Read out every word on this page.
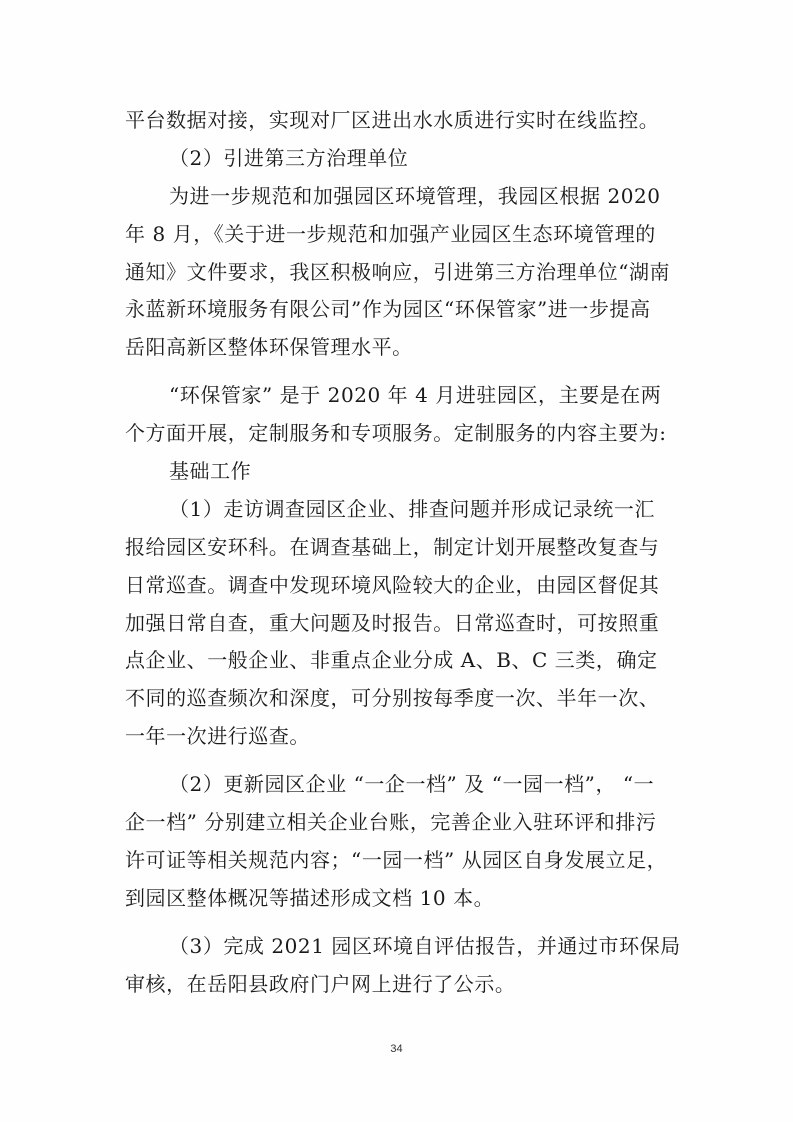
平台数据对接，实现对厂区进出水水质进行实时在线监控。
（2）引进第三方治理单位
为进一步规范和加强园区环境管理，我园区根据 2020
年 8 月，《关于进一步规范和加强产业园区生态环境管理的
通知》文件要求，我区积极响应，引进第三方治理单位“湖南
永蓝新环境服务有限公司”作为园区“环保管家”进一步提高
岳阳高新区整体环保管理水平。
“环保管家” 是于 2020 年 4 月进驻园区，主要是在两
个方面开展，定制服务和专项服务。定制服务的内容主要为:
基础工作
（1）走访调查园区企业、排查问题并形成记录统一汇
报给园区安环科。在调查基础上，制定计划开展整改复查与
日常巡查。调查中发现环境风险较大的企业，由园区督促其
加强日常自查，重大问题及时报告。日常巡查时，可按照重
点企业、一般企业、非重点企业分成 A、B、C 三类，确定
不同的巡查频次和深度，可分别按每季度一次、半年一次、
一年一次进行巡查。
（2）更新园区企业 “一企一档” 及 “一园一档”， “一
企一档” 分别建立相关企业台账，完善企业入驻环评和排污
许可证等相关规范内容；“一园一档” 从园区自身发展立足，
到园区整体概况等描述形成文档 10 本。
（3）完成 2021 园区环境自评估报告，并通过市环保局
审核，在岳阳县政府门户网上进行了公示。
34
